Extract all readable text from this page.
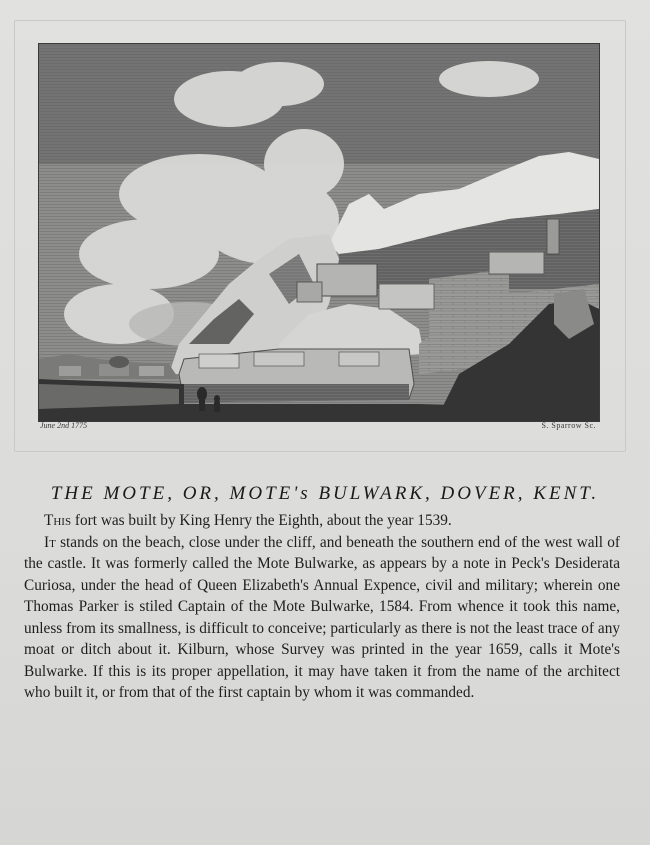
June 2nd 1775	S. Sparrow Sc.
THE MOTE, OR, MOTE's BULWARK, DOVER, KENT.

This fort was built by King Henry the Eighth, about the year 1539.

It stands on the beach, close under the cliff, and beneath the southern end of the west wall of the castle. It was formerly called the Mote Bulwarke, as appears by a note in Peck's Desiderata Curiosa, under the head of Queen Elizabeth's Annual Expence, civil and military; wherein one Thomas Parker is stiled Captain of the Mote Bulwarke, 1584. From whence it took this name, unless from its smallness, is difficult to conceive; particularly as there is not the least trace of any moat or ditch about it. Kilburn, whose Survey was printed in the year 1659, calls it Mote's Bulwarke. If this is its proper appellation, it may have taken it from the name of the architect who built it, or from that of the first captain by whom it was commanded.
